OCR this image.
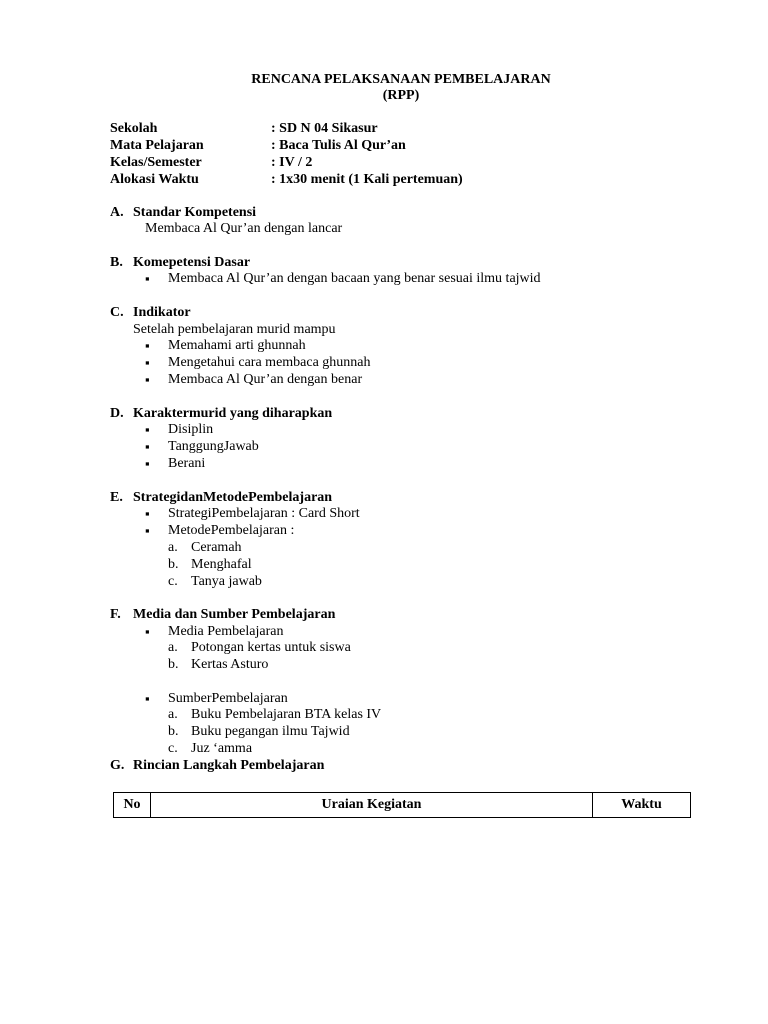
RENCANA PELAKSANAAN PEMBELAJARAN
(RPP)
Sekolah	: SD N 04 Sikasur
Mata Pelajaran	: Baca Tulis Al Qur’an
Kelas/Semester	: IV / 2
Alokasi Waktu	: 1x30 menit (1 Kali pertemuan)
A. Standar Kompetensi
Membaca Al Qur’an dengan lancar
B. Komepetensi Dasar
▪ Membaca Al Qur’an dengan bacaan yang benar sesuai ilmu tajwid
C. Indikator
Setelah pembelajaran murid mampu
▪ Memahami arti ghunnah
▪ Mengetahui cara membaca ghunnah
▪ Membaca Al Qur’an dengan benar
D. Karaktermurid yang diharapkan
▪ Disiplin
▪ TanggungJawab
▪ Berani
E. StrategidanMetodePembelajaran
▪ StrategiPembelajaran : Card Short
▪ MetodePembelajaran :
a. Ceramah
b. Menghafal
c. Tanya jawab
F. Media dan Sumber Pembelajaran
▪ Media Pembelajaran
a. Potongan kertas untuk siswa
b. Kertas Asturo
▪ SumberPembelajaran
a. Buku Pembelajaran BTA kelas IV
b. Buku pegangan ilmu Tajwid
c. Juz ‘amma
G. Rincian Langkah Pembelajaran
No	Uraian Kegiatan	Waktu
